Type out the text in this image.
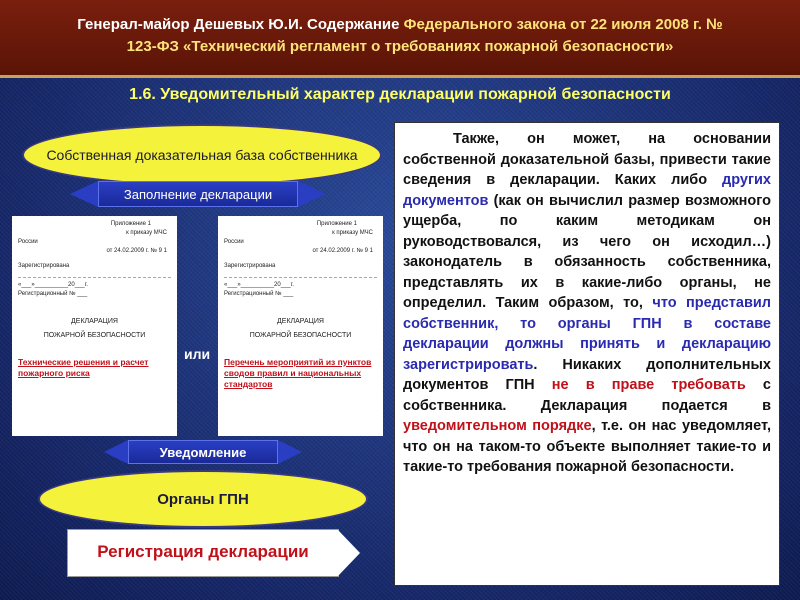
Генерал-майор Дешевых Ю.И. Содержание Федерального закона от 22 июля 2008 г. №
123-ФЗ «Технический регламент о требованиях пожарной безопасности»
1.6. Уведомительный характер декларации пожарной безопасности
Собственная доказательная база собственника
Заполнение декларации
Приложение 1
к приказу МЧС
России
от 24.02.2009 г. № 9 1
Зарегистрирована
«___»__________20___г.
Регистрационный № ___
ДЕКЛАРАЦИЯ
ПОЖАРНОЙ БЕЗОПАСНОСТИ
Технические решения и расчет пожарного риска
или
Приложение 1
к приказу МЧС
России
от 24.02.2009 г. № 9 1
Зарегистрирована
«___»__________20___г.
Регистрационный № ___
ДЕКЛАРАЦИЯ
ПОЖАРНОЙ БЕЗОПАСНОСТИ
Перечень мероприятий из пунктов сводов правил и национальных стандартов
Уведомление
Органы ГПН
Регистрация декларации
Также, он может, на основании собственной доказательной базы, привести такие сведения в декларации. Каких либо других документов (как он вычислил размер возможного ущерба, по каким методикам он руководствовался, из чего он исходил…) законодатель в обязанность собственника, представлять их в какие-либо органы, не определил. Таким образом, то, что представил собственник, то органы ГПН в составе декларации должны принять и декларацию зарегистрировать. Никаких дополнительных документов ГПН не в праве требовать с собственника. Декларация подается в уведомительном порядке, т.е. он нас уведомляет, что он на таком-то объекте выполняет такие-то и такие-то требования пожарной безопасности.
